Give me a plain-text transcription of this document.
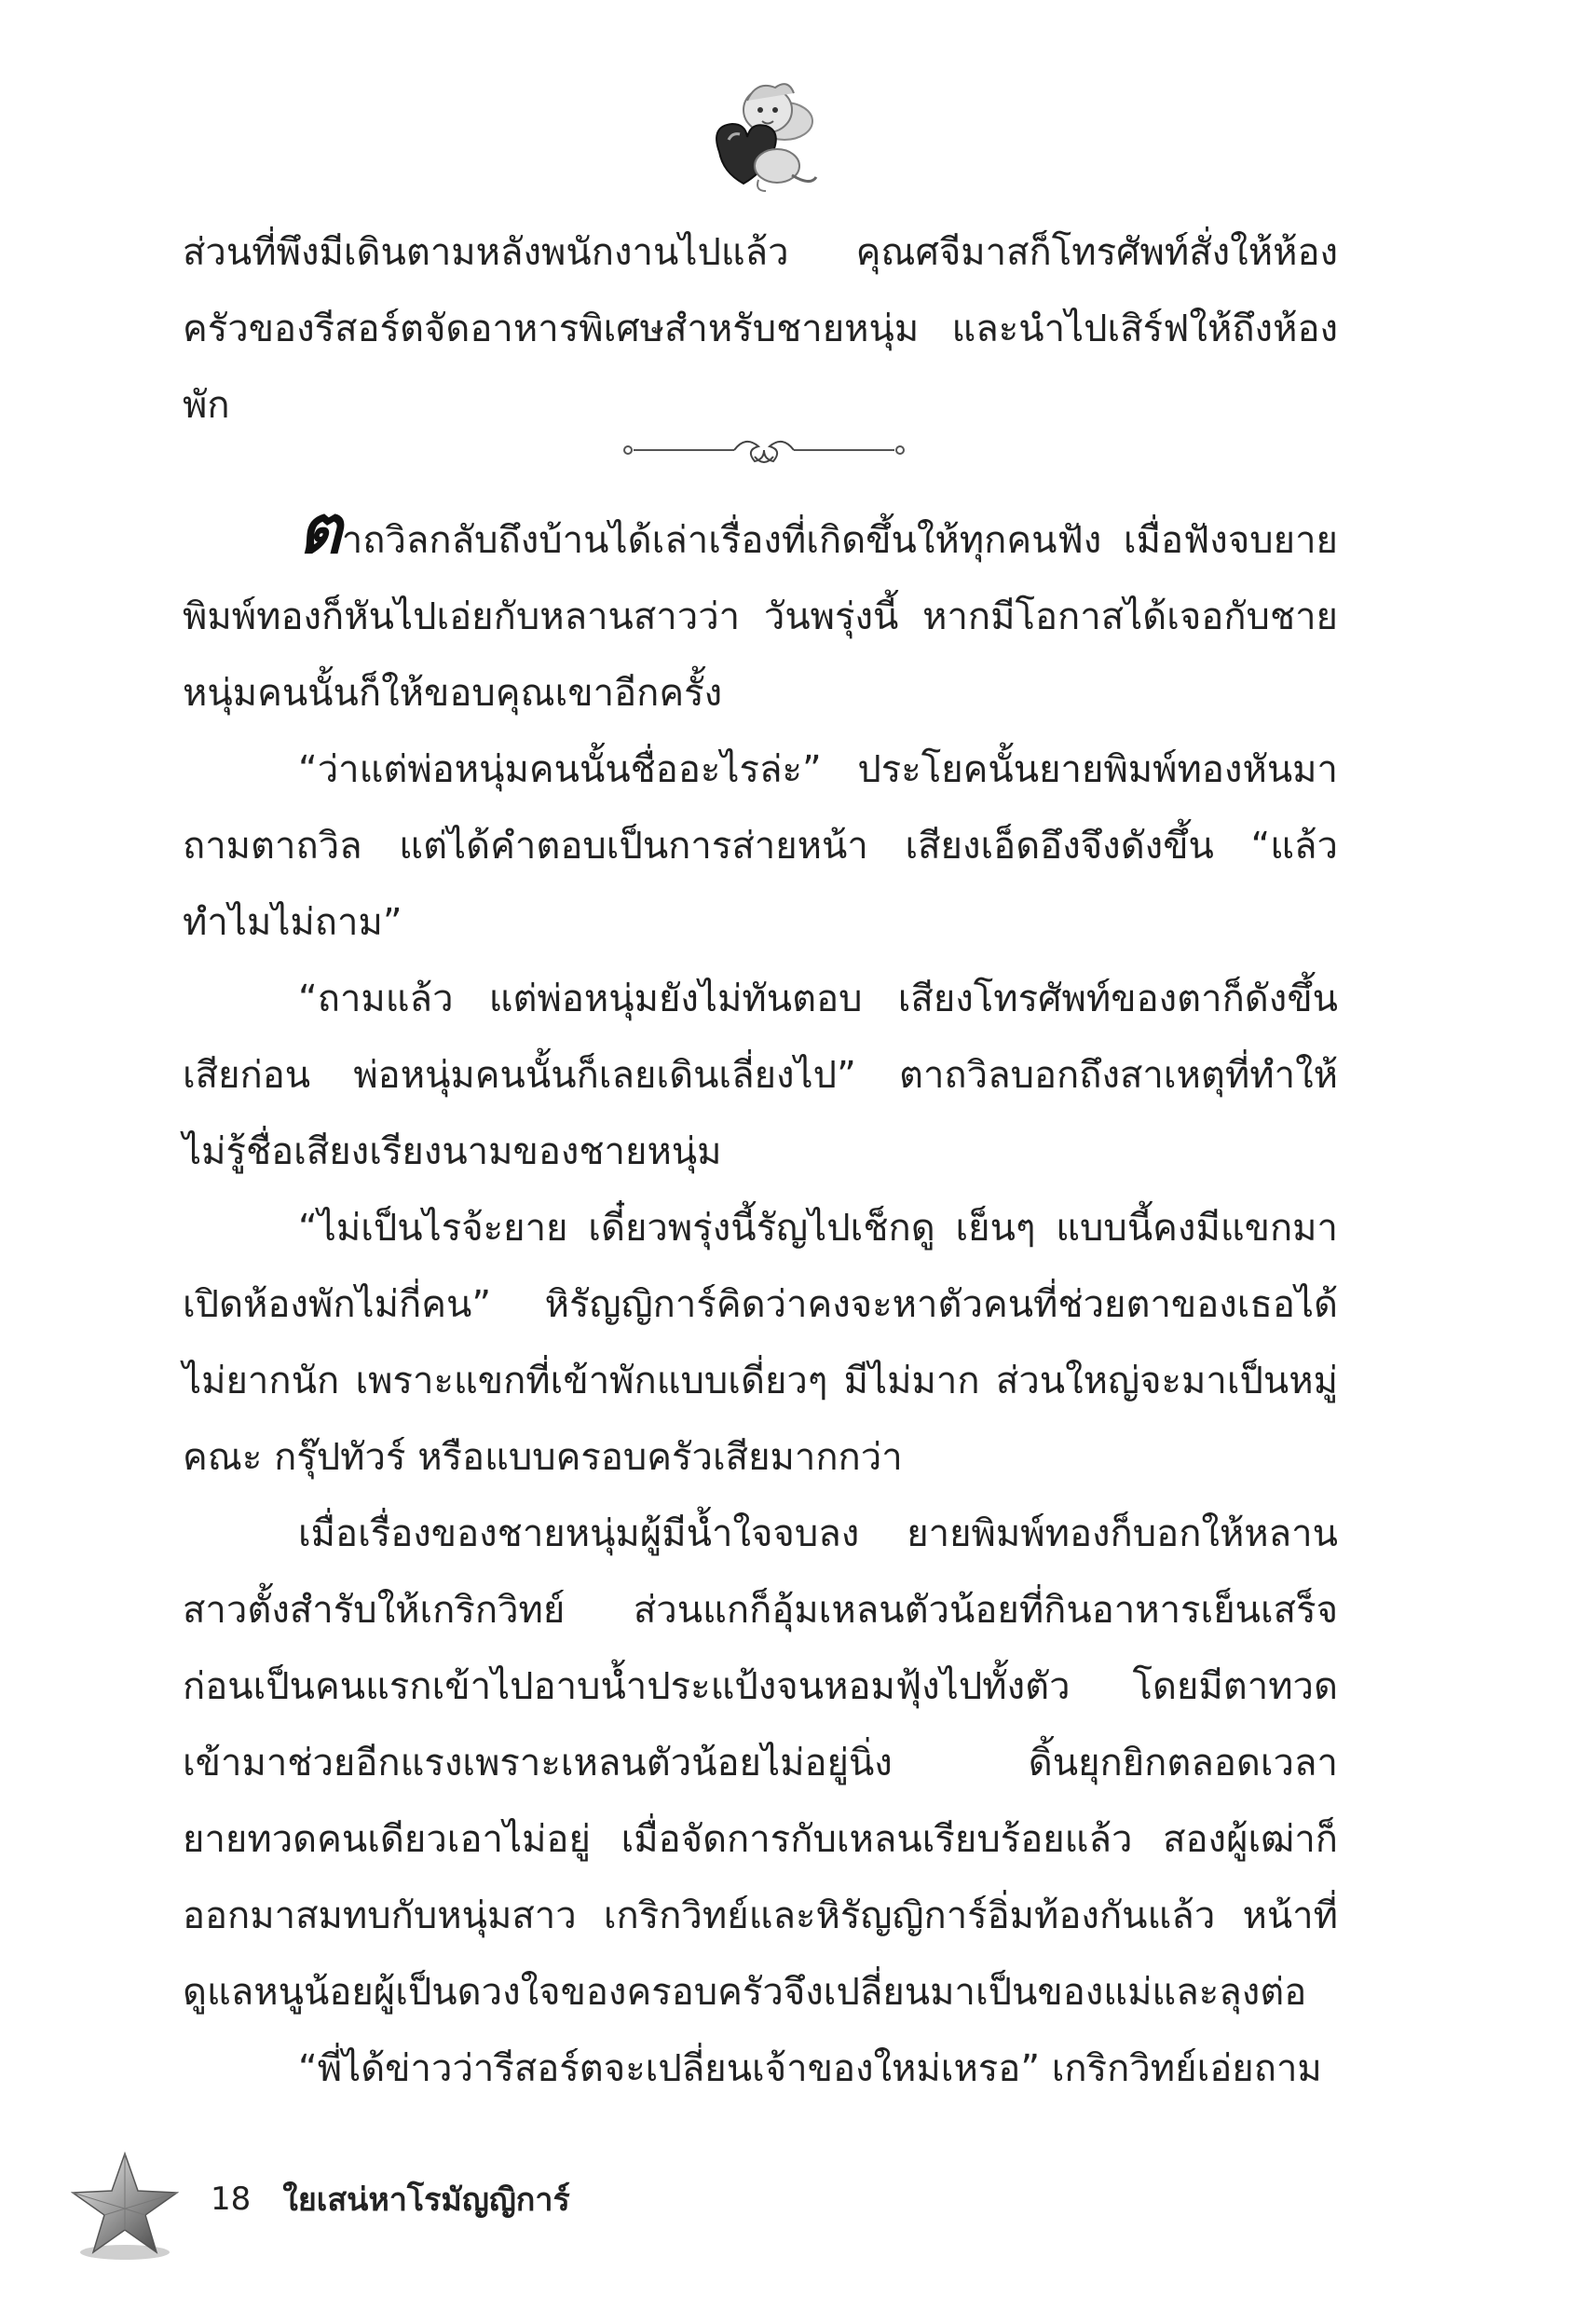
ส่วนที่พึงมีเดินตามหลังพนักงานไปแล้ว คุณศจีมาสก็โทรศัพท์สั่งให้ห้องครัวของรีสอร์ตจัดอาหารพิเศษสำหรับชายหนุ่ม และนำไปเสิร์ฟให้ถึงห้องพัก

ตาถวิลกลับถึงบ้านได้เล่าเรื่องที่เกิดขึ้นให้ทุกคนฟัง เมื่อฟังจบยายพิมพ์ทองก็หันไปเอ่ยกับหลานสาวว่า วันพรุ่งนี้ หากมีโอกาสได้เจอกับชายหนุ่มคนนั้นก็ให้ขอบคุณเขาอีกครั้ง

“ว่าแต่พ่อหนุ่มคนนั้นชื่ออะไรล่ะ” ประโยคนั้นยายพิมพ์ทองหันมาถามตาถวิล แต่ได้คำตอบเป็นการส่ายหน้า เสียงเอ็ดอึงจึงดังขึ้น “แล้วทำไมไม่ถาม”

“ถามแล้ว แต่พ่อหนุ่มยังไม่ทันตอบ เสียงโทรศัพท์ของตาก็ดังขึ้นเสียก่อน พ่อหนุ่มคนนั้นก็เลยเดินเลี่ยงไป” ตาถวิลบอกถึงสาเหตุที่ทำให้ไม่รู้ชื่อเสียงเรียงนามของชายหนุ่ม

“ไม่เป็นไรจ้ะยาย เดี๋ยวพรุ่งนี้รัญไปเช็กดู เย็นๆ แบบนี้คงมีแขกมาเปิดห้องพักไม่กี่คน” หิรัญญิการ์คิดว่าคงจะหาตัวคนที่ช่วยตาของเธอได้ไม่ยากนัก เพราะแขกที่เข้าพักแบบเดี่ยวๆ มีไม่มาก ส่วนใหญ่จะมาเป็นหมู่คณะ กรุ๊ปทัวร์ หรือแบบครอบครัวเสียมากกว่า

เมื่อเรื่องของชายหนุ่มผู้มีน้ำใจจบลง ยายพิมพ์ทองก็บอกให้หลานสาวตั้งสำรับให้เกริกวิทย์ ส่วนแกก็อุ้มเหลนตัวน้อยที่กินอาหารเย็นเสร็จก่อนเป็นคนแรกเข้าไปอาบน้ำประแป้งจนหอมฟุ้งไปทั้งตัว โดยมีตาทวดเข้ามาช่วยอีกแรงเพราะเหลนตัวน้อยไม่อยู่นิ่ง ดิ้นยุกยิกตลอดเวลา ยายทวดคนเดียวเอาไม่อยู่ เมื่อจัดการกับเหลนเรียบร้อยแล้ว สองผู้เฒ่าก็ออกมาสมทบกับหนุ่มสาว เกริกวิทย์และหิรัญญิการ์อิ่มท้องกันแล้ว หน้าที่ดูแลหนูน้อยผู้เป็นดวงใจของครอบครัวจึงเปลี่ยนมาเป็นของแม่และลุงต่อ

“พี่ได้ข่าวว่ารีสอร์ตจะเปลี่ยนเจ้าของใหม่เหรอ” เกริกวิทย์เอ่ยถาม

18 ใยเสน่หาโรมัญญิการ์
